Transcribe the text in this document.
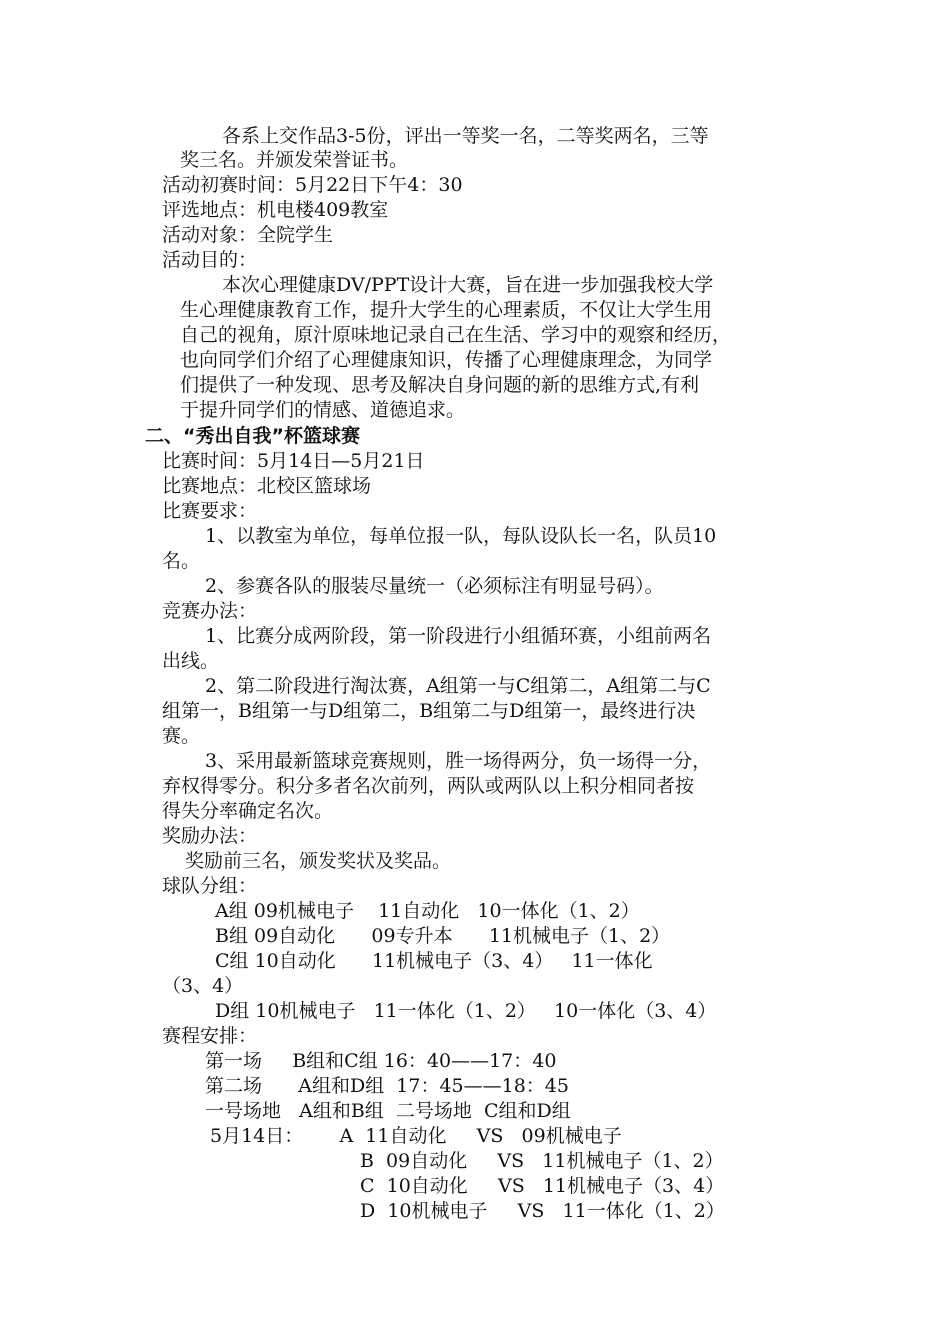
各系上交作品3-5份，评出一等奖一名，二等奖两名，三等
奖三名。并颁发荣誉证书。
活动初赛时间：5月22日下午4：30
评选地点：机电楼409教室
活动对象：全院学生
活动目的：
本次心理健康DV/PPT设计大赛，旨在进一步加强我校大学
生心理健康教育工作，提升大学生的心理素质，不仅让大学生用
自己的视角，原汁原味地记录自己在生活、学习中的观察和经历，
也向同学们介绍了心理健康知识，传播了心理健康理念，为同学
们提供了一种发现、思考及解决自身问题的新的思维方式,有利
于提升同学们的情感、道德追求。
二、“秀出自我”杯篮球赛
比赛时间：5月14日—5月21日
比赛地点：北校区篮球场
比赛要求：
1、以教室为单位，每单位报一队，每队设队长一名，队员10
名。
2、参赛各队的服装尽量统一（必须标注有明显号码）。
竞赛办法：
1、比赛分成两阶段，第一阶段进行小组循环赛，小组前两名
出线。
2、第二阶段进行淘汰赛，A组第一与C组第二，A组第二与C
组第一，B组第一与D组第二，B组第二与D组第一，最终进行决
赛。
3、采用最新篮球竞赛规则，胜一场得两分，负一场得一分，
弃权得零分。积分多者名次前列，两队或两队以上积分相同者按
得失分率确定名次。
奖励办法：
奖励前三名，颁发奖状及奖品。
球队分组：
A组 09机械电子    11自动化   10一体化（1、2）
B组 09自动化      09专升本      11机械电子（1、2）
C组 10自动化      11机械电子（3、4）   11一体化
（3、4）
D组 10机械电子   11一体化（1、2）   10一体化（3、4）
赛程安排：
第一场     B组和C组 16：40——17：40
第二场      A组和D组  17：45——18：45
一号场地   A组和B组  二号场地  C组和D组
5月14日：      A  11自动化     VS   09机械电子
B  09自动化     VS   11机械电子（1、2）
C  10自动化     VS   11机械电子（3、4）
D  10机械电子     VS   11一体化（1、2）
